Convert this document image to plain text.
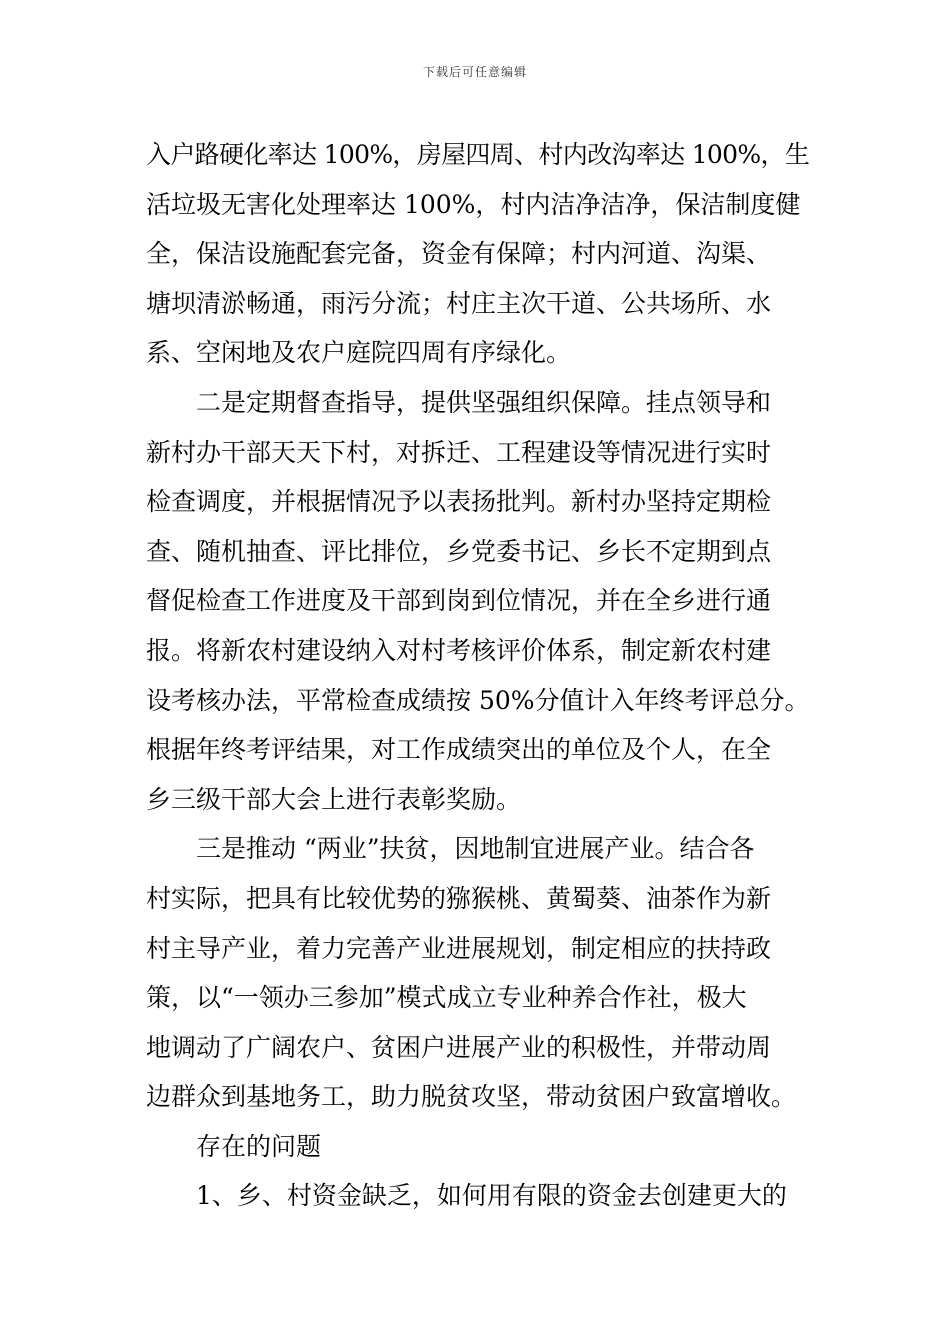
下载后可任意编辑
入户路硬化率达 100%，房屋四周、村内改沟率达 100%，生
活垃圾无害化处理率达 100%，村内洁净洁净，保洁制度健
全，保洁设施配套完备，资金有保障；村内河道、沟渠、
塘坝清淤畅通，雨污分流；村庄主次干道、公共场所、水
系、空闲地及农户庭院四周有序绿化。
二是定期督查指导，提供坚强组织保障。挂点领导和
新村办干部天天下村，对拆迁、工程建设等情况进行实时
检查调度，并根据情况予以表扬批判。新村办坚持定期检
查、随机抽查、评比排位，乡党委书记、乡长不定期到点
督促检查工作进度及干部到岗到位情况，并在全乡进行通
报。将新农村建设纳入对村考核评价体系，制定新农村建
设考核办法，平常检查成绩按 50%分值计入年终考评总分。
根据年终考评结果，对工作成绩突出的单位及个人，在全
乡三级干部大会上进行表彰奖励。
三是推动 “两业”扶贫，因地制宜进展产业。结合各
村实际，把具有比较优势的猕猴桃、黄蜀葵、油茶作为新
村主导产业，着力完善产业进展规划，制定相应的扶持政
策，以“一领办三参加”模式成立专业种养合作社，极大
地调动了广阔农户、贫困户进展产业的积极性，并带动周
边群众到基地务工，助力脱贫攻坚，带动贫困户致富增收。
存在的问题
1、乡、村资金缺乏，如何用有限的资金去创建更大的
